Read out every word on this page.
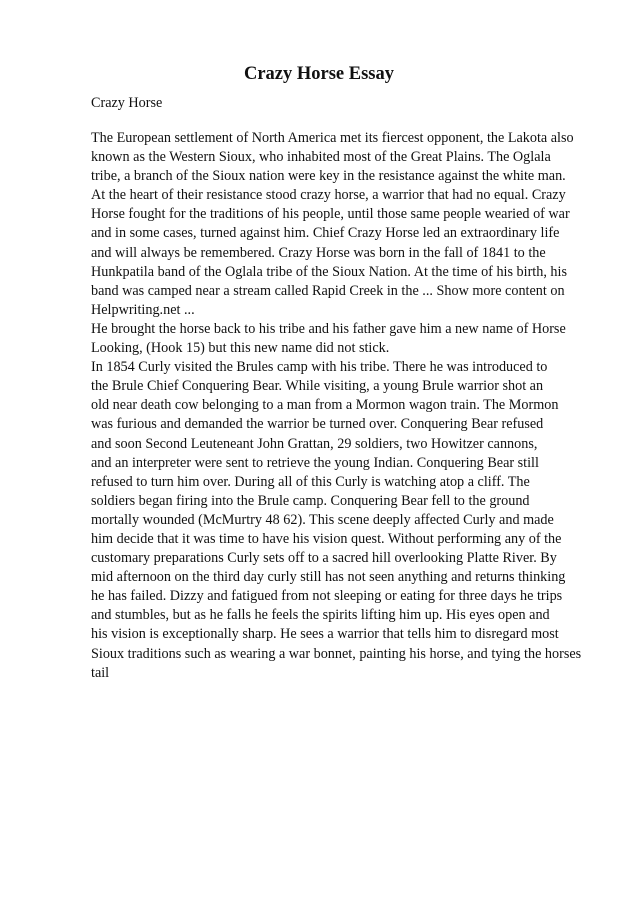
Crazy Horse Essay

Crazy Horse

The European settlement of North America met its fiercest opponent, the Lakota also
known as the Western Sioux, who inhabited most of the Great Plains. The Oglala
tribe, a branch of the Sioux nation were key in the resistance against the white man.
At the heart of their resistance stood crazy horse, a warrior that had no equal. Crazy
Horse fought for the traditions of his people, until those same people wearied of war
and in some cases, turned against him. Chief Crazy Horse led an extraordinary life
and will always be remembered. Crazy Horse was born in the fall of 1841 to the
Hunkpatila band of the Oglala tribe of the Sioux Nation. At the time of his birth, his
band was camped near a stream called Rapid Creek in the ... Show more content on
Helpwriting.net ...
He brought the horse back to his tribe and his father gave him a new name of Horse
Looking, (Hook 15) but this new name did not stick.
In 1854 Curly visited the Brules camp with his tribe. There he was introduced to
the Brule Chief Conquering Bear. While visiting, a young Brule warrior shot an
old near death cow belonging to a man from a Mormon wagon train. The Mormon
was furious and demanded the warrior be turned over. Conquering Bear refused
and soon Second Leuteneant John Grattan, 29 soldiers, two Howitzer cannons,
and an interpreter were sent to retrieve the young Indian. Conquering Bear still
refused to turn him over. During all of this Curly is watching atop a cliff. The
soldiers began firing into the Brule camp. Conquering Bear fell to the ground
mortally wounded (McMurtry 48 62). This scene deeply affected Curly and made
him decide that it was time to have his vision quest. Without performing any of the
customary preparations Curly sets off to a sacred hill overlooking Platte River. By
mid afternoon on the third day curly still has not seen anything and returns thinking
he has failed. Dizzy and fatigued from not sleeping or eating for three days he trips
and stumbles, but as he falls he feels the spirits lifting him up. His eyes open and
his vision is exceptionally sharp. He sees a warrior that tells him to disregard most
Sioux traditions such as wearing a war bonnet, painting his horse, and tying the horses
tail
